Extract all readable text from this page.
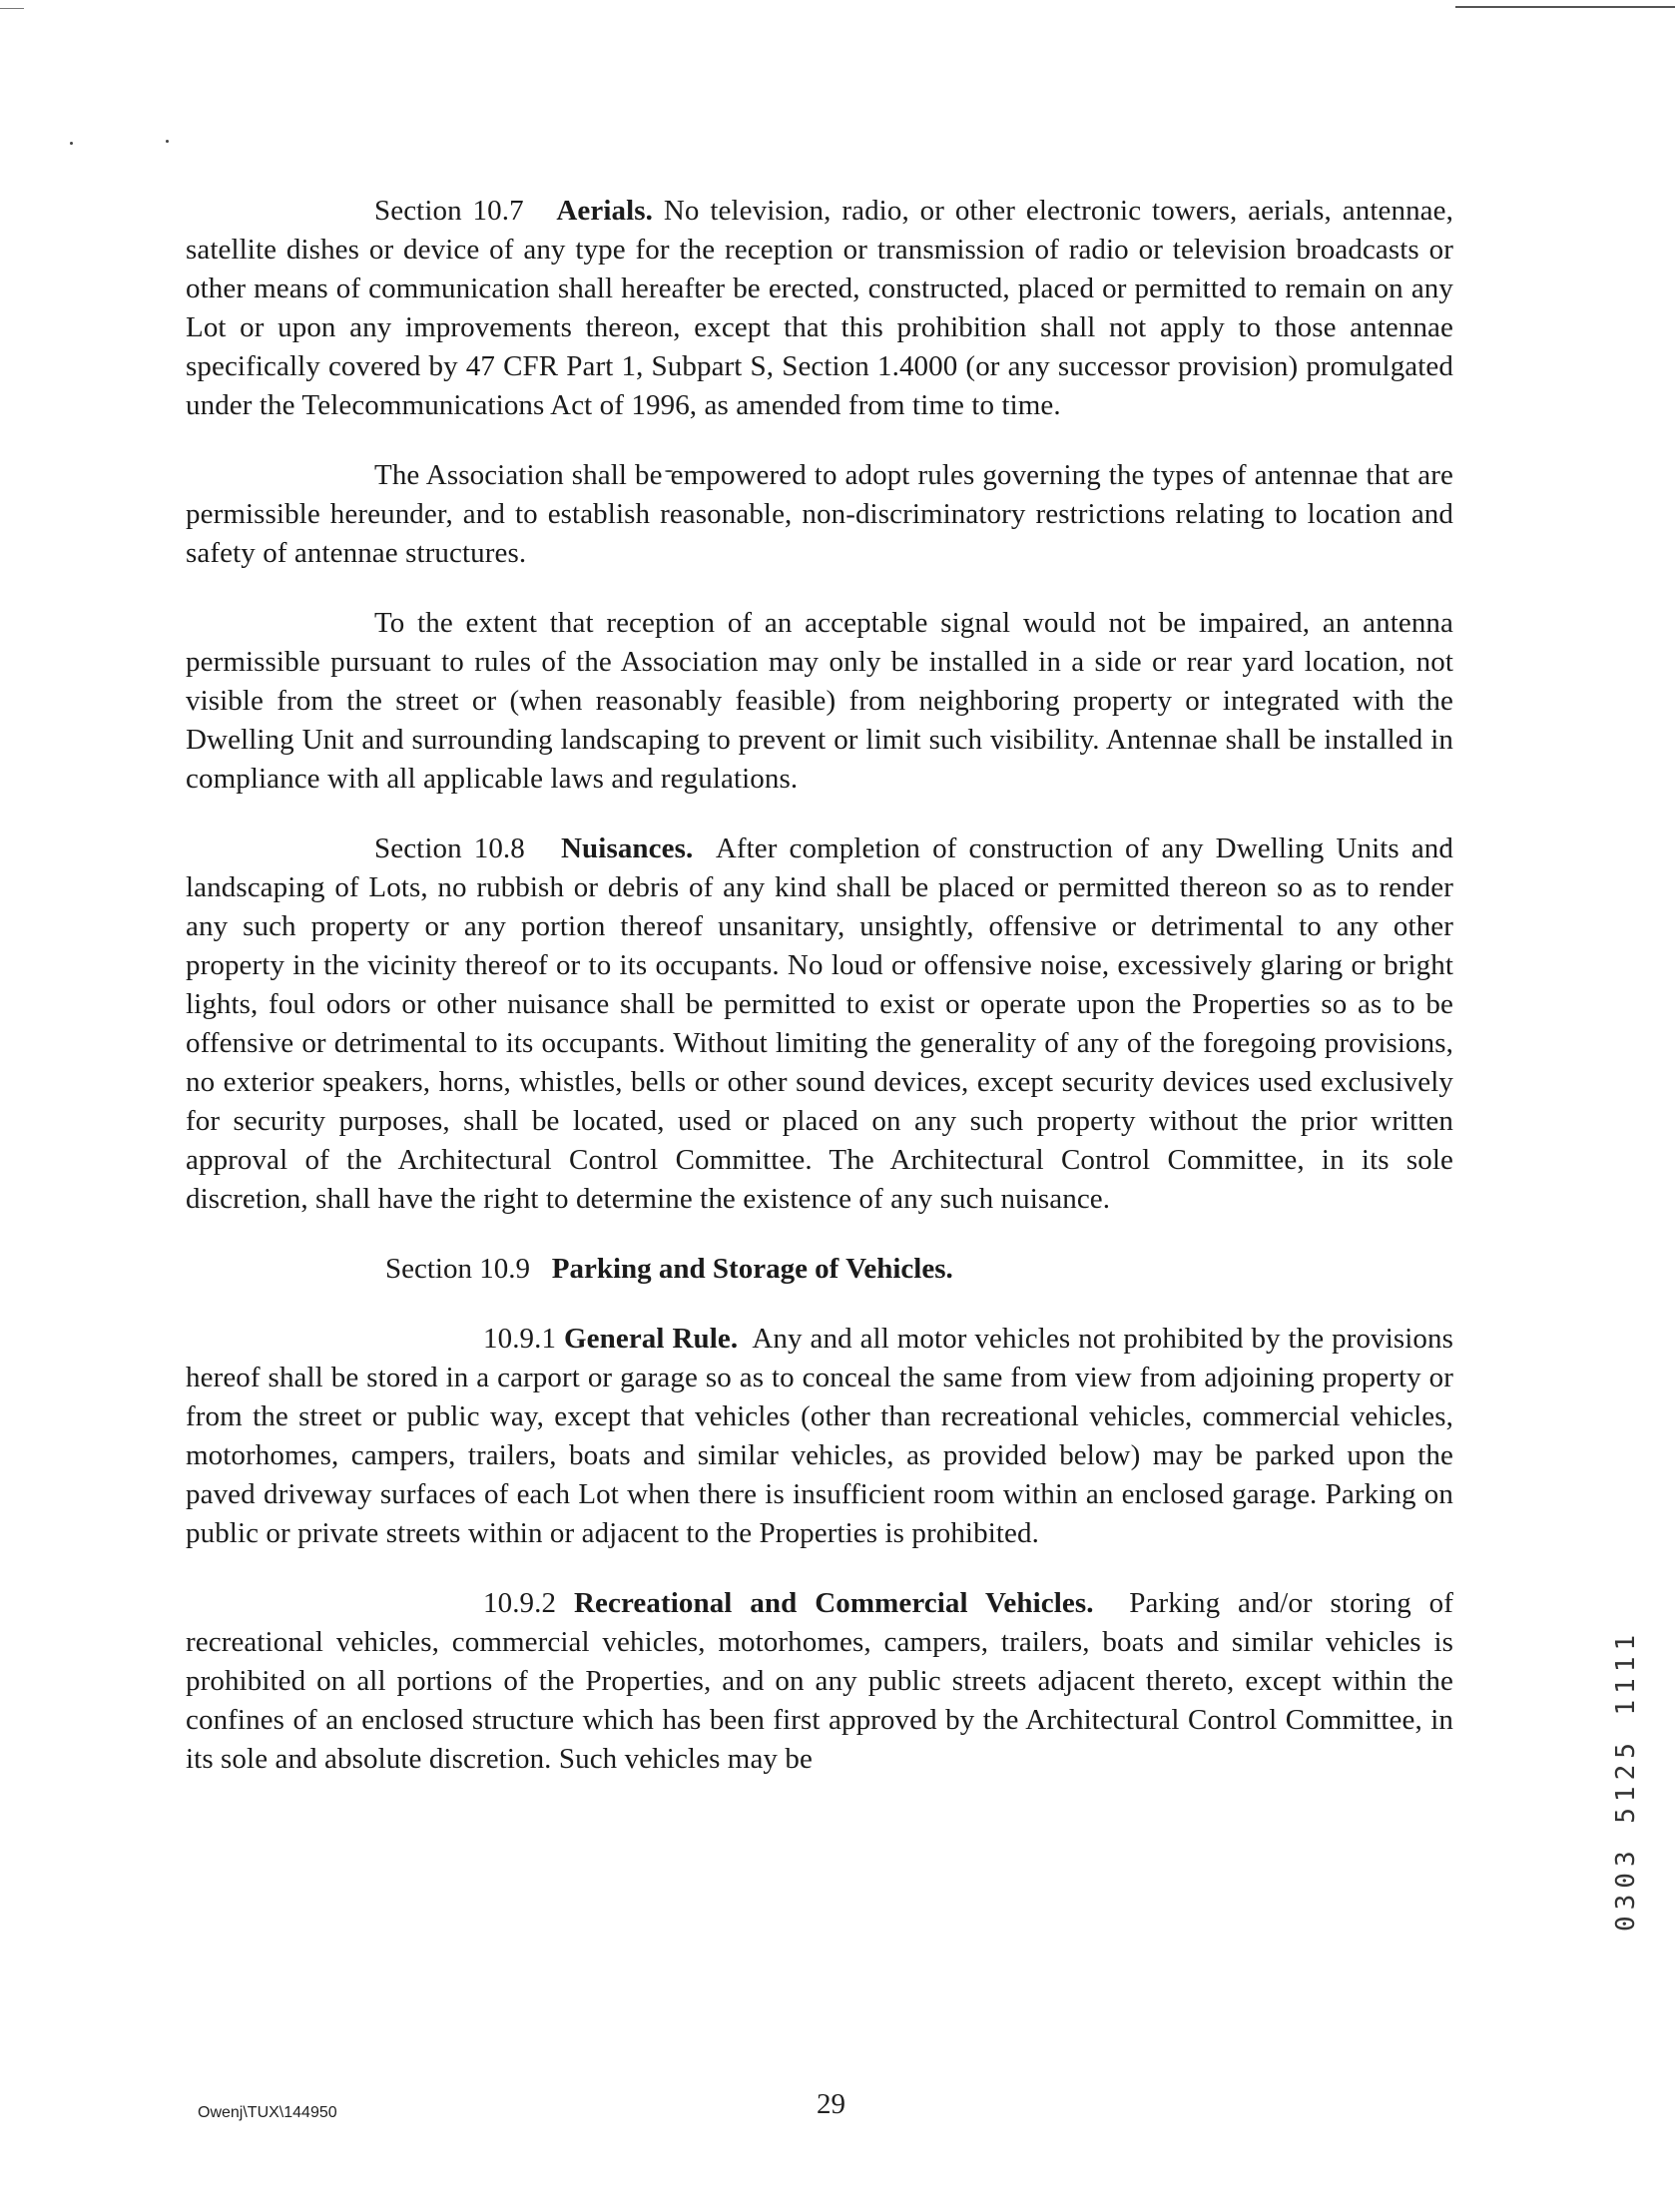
Section 10.7 Aerials. No television, radio, or other electronic towers, aerials, antennae, satellite dishes or device of any type for the reception or transmission of radio or television broadcasts or other means of communication shall hereafter be erected, constructed, placed or permitted to remain on any Lot or upon any improvements thereon, except that this prohibition shall not apply to those antennae specifically covered by 47 CFR Part 1, Subpart S, Section 1.4000 (or any successor provision) promulgated under the Telecommunications Act of 1996, as amended from time to time.

The Association shall be empowered to adopt rules governing the types of antennae that are permissible hereunder, and to establish reasonable, non-discriminatory restrictions relating to location and safety of antennae structures.

To the extent that reception of an acceptable signal would not be impaired, an antenna permissible pursuant to rules of the Association may only be installed in a side or rear yard location, not visible from the street or (when reasonably feasible) from neighboring property or integrated with the Dwelling Unit and surrounding landscaping to prevent or limit such visibility. Antennae shall be installed in compliance with all applicable laws and regulations.

Section 10.8 Nuisances. After completion of construction of any Dwelling Units and landscaping of Lots, no rubbish or debris of any kind shall be placed or permitted thereon so as to render any such property or any portion thereof unsanitary, unsightly, offensive or detrimental to any other property in the vicinity thereof or to its occupants. No loud or offensive noise, excessively glaring or bright lights, foul odors or other nuisance shall be permitted to exist or operate upon the Properties so as to be offensive or detrimental to its occupants. Without limiting the generality of any of the foregoing provisions, no exterior speakers, horns, whistles, bells or other sound devices, except security devices used exclusively for security purposes, shall be located, used or placed on any such property without the prior written approval of the Architectural Control Committee. The Architectural Control Committee, in its sole discretion, shall have the right to determine the existence of any such nuisance.

Section 10.9 Parking and Storage of Vehicles.

10.9.1 General Rule. Any and all motor vehicles not prohibited by the provisions hereof shall be stored in a carport or garage so as to conceal the same from view from adjoining property or from the street or public way, except that vehicles (other than recreational vehicles, commercial vehicles, motorhomes, campers, trailers, boats and similar vehicles, as provided below) may be parked upon the paved driveway surfaces of each Lot when there is insufficient room within an enclosed garage. Parking on public or private streets within or adjacent to the Properties is prohibited.

10.9.2 Recreational and Commercial Vehicles. Parking and/or storing of recreational vehicles, commercial vehicles, motorhomes, campers, trailers, boats and similar vehicles is prohibited on all portions of the Properties, and on any public streets adjacent thereto, except within the confines of an enclosed structure which has been first approved by the Architectural Control Committee, in its sole and absolute discretion. Such vehicles may be	0303 5125 1111
Owenj\TUX\144950	29
